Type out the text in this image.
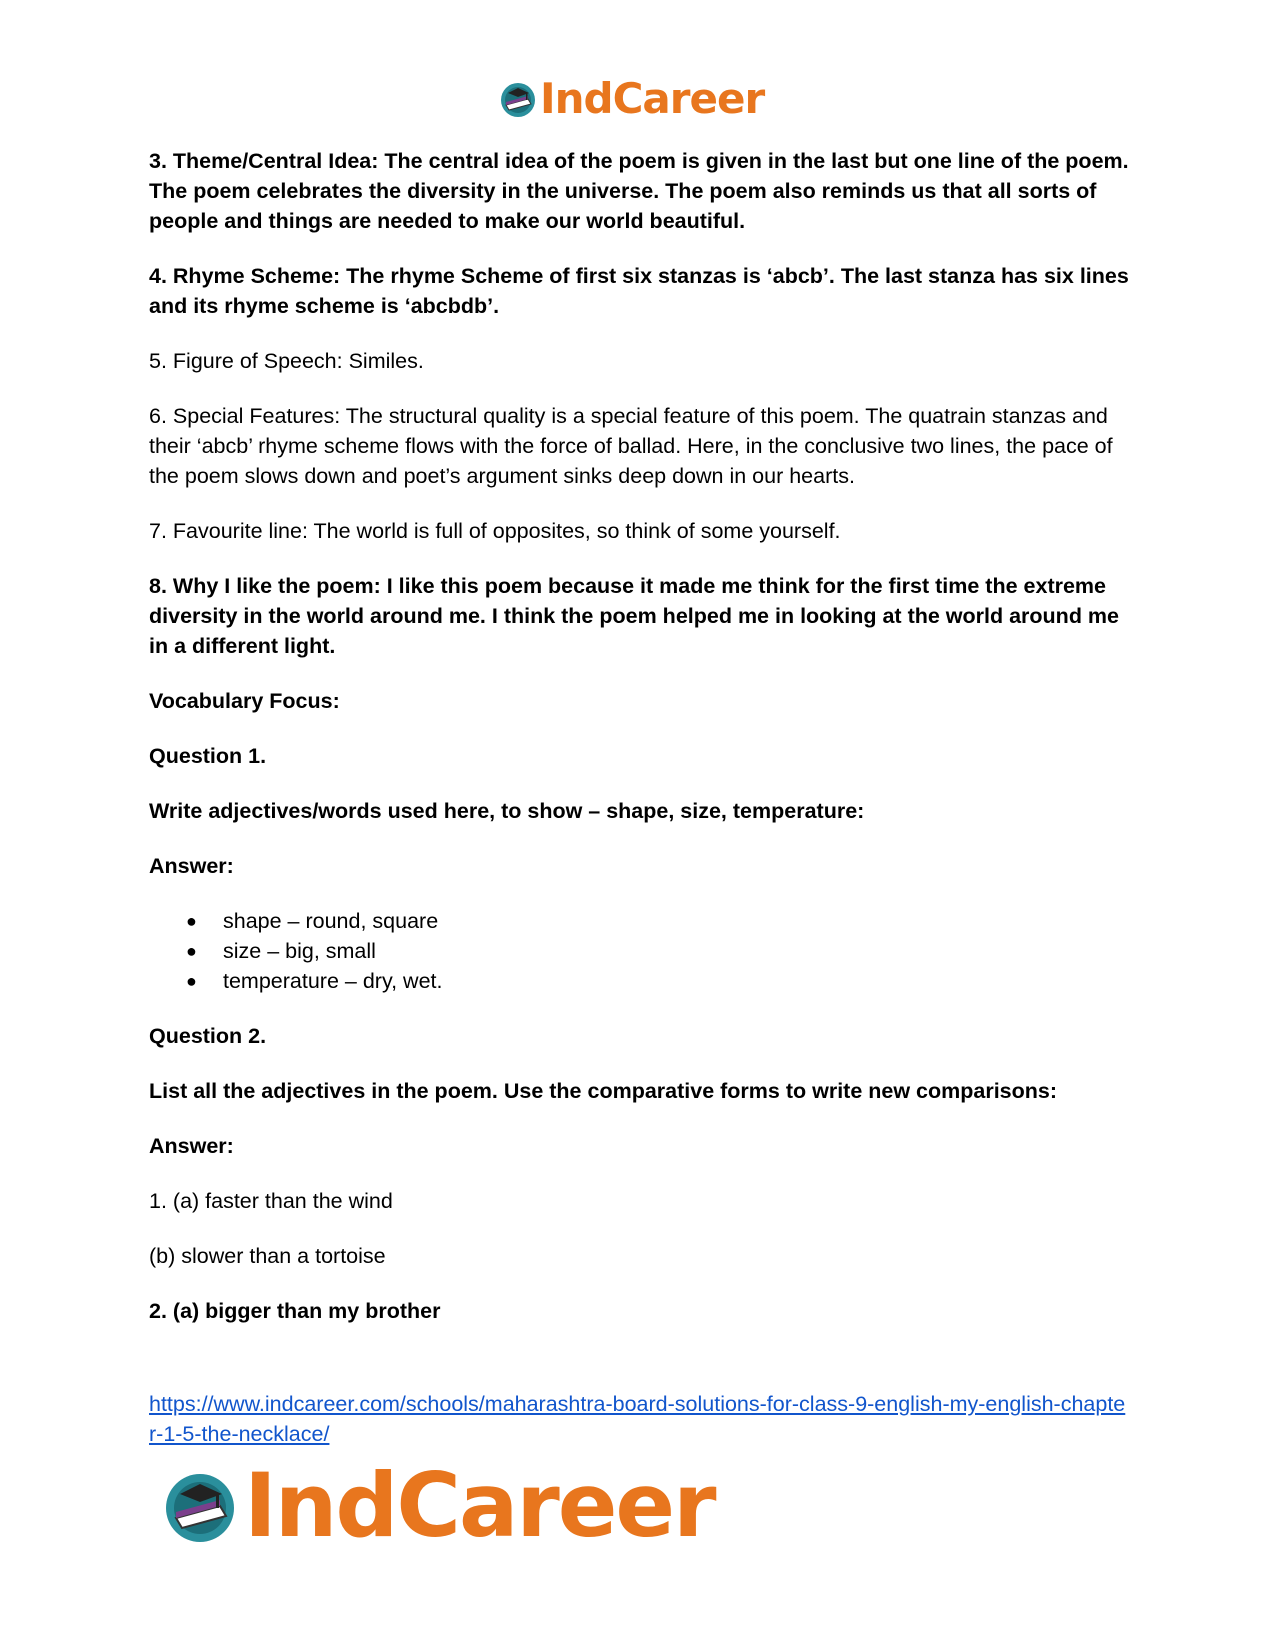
IndCareer

3. Theme/Central Idea: The central idea of the poem is given in the last but one line of the poem. The poem celebrates the diversity in the universe. The poem also reminds us that all sorts of people and things are needed to make our world beautiful.

4. Rhyme Scheme: The rhyme Scheme of first six stanzas is ‘abcb’. The last stanza has six lines and its rhyme scheme is ‘abcbdb’.

5. Figure of Speech: Similes.

6. Special Features: The structural quality is a special feature of this poem. The quatrain stanzas and their ‘abcb’ rhyme scheme flows with the force of ballad. Here, in the conclusive two lines, the pace of the poem slows down and poet’s argument sinks deep down in our hearts.

7. Favourite line: The world is full of opposites, so think of some yourself.

8. Why I like the poem: I like this poem because it made me think for the first time the extreme diversity in the world around me. I think the poem helped me in looking at the world around me in a different light.

Vocabulary Focus:

Question 1.

Write adjectives/words used here, to show – shape, size, temperature:

Answer:

● shape – round, square
● size – big, small
● temperature – dry, wet.

Question 2.

List all the adjectives in the poem. Use the comparative forms to write new comparisons:

Answer:

1. (a) faster than the wind

(b) slower than a tortoise

2. (a) bigger than my brother

https://www.indcareer.com/schools/maharashtra-board-solutions-for-class-9-english-my-english-chapter-1-5-the-necklace/
IndCareer
